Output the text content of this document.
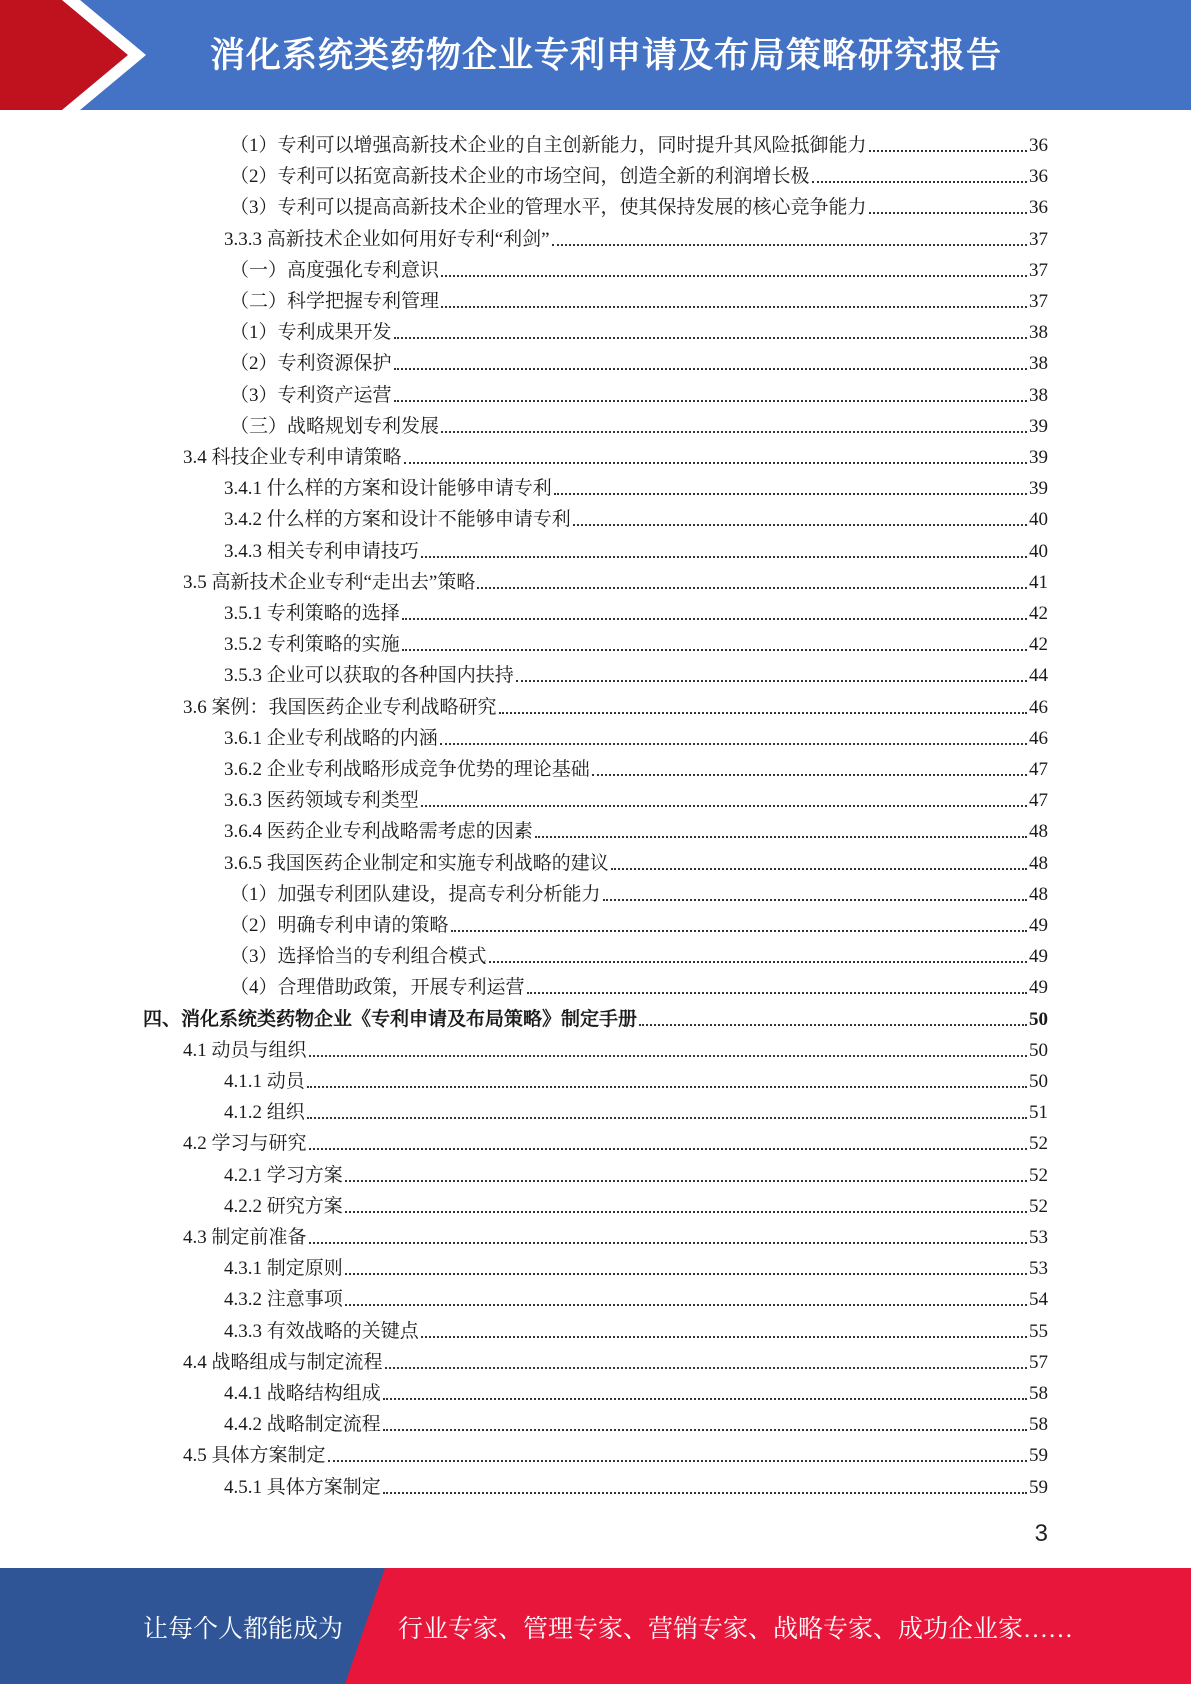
消化系统类药物企业专利申请及布局策略研究报告
（1）专利可以增强高新技术企业的自主创新能力，同时提升其风险抵御能力	36
（2）专利可以拓宽高新技术企业的市场空间，创造全新的利润增长极	36
（3）专利可以提高高新技术企业的管理水平，使其保持发展的核心竞争能力	36
3.3.3 高新技术企业如何用好专利“利剑”	37
（一）高度强化专利意识	37
（二）科学把握专利管理	37
（1）专利成果开发	38
（2）专利资源保护	38
（3）专利资产运营	38
（三）战略规划专利发展	39
3.4 科技企业专利申请策略	39
3.4.1 什么样的方案和设计能够申请专利	39
3.4.2 什么样的方案和设计不能够申请专利	40
3.4.3 相关专利申请技巧	40
3.5 高新技术企业专利“走出去”策略	41
3.5.1 专利策略的选择	42
3.5.2 专利策略的实施	42
3.5.3 企业可以获取的各种国内扶持	44
3.6 案例：我国医药企业专利战略研究	46
3.6.1 企业专利战略的内涵	46
3.6.2 企业专利战略形成竞争优势的理论基础	47
3.6.3 医药领域专利类型	47
3.6.4 医药企业专利战略需考虑的因素	48
3.6.5 我国医药企业制定和实施专利战略的建议	48
（1）加强专利团队建设，提高专利分析能力	48
（2）明确专利申请的策略	49
（3）选择恰当的专利组合模式	49
（4）合理借助政策，开展专利运营	49
四、消化系统类药物企业《专利申请及布局策略》制定手册	50
4.1 动员与组织	50
4.1.1 动员	50
4.1.2 组织	51
4.2 学习与研究	52
4.2.1 学习方案	52
4.2.2 研究方案	52
4.3 制定前准备	53
4.3.1 制定原则	53
4.3.2 注意事项	54
4.3.3 有效战略的关键点	55
4.4 战略组成与制定流程	57
4.4.1 战略结构组成	58
4.4.2 战略制定流程	58
4.5 具体方案制定	59
4.5.1 具体方案制定	59
3
让每个人都能成为 行业专家、管理专家、营销专家、战略专家、成功企业家……
